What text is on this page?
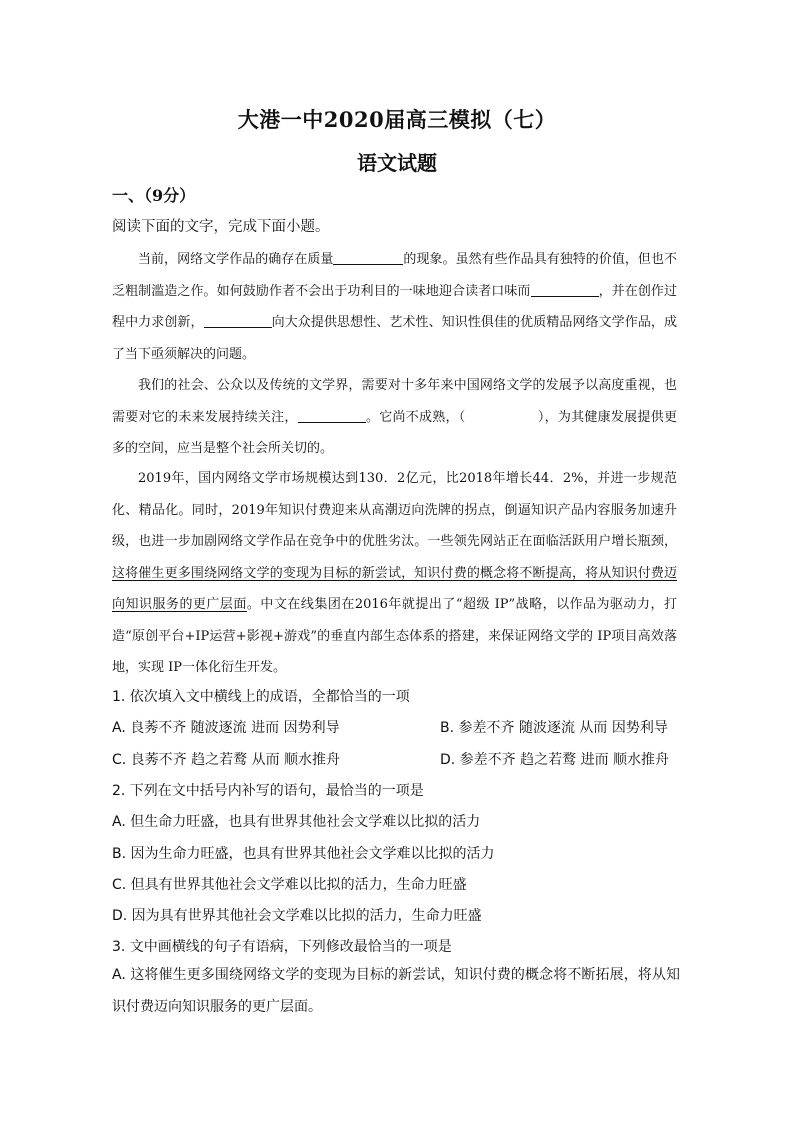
大港一中2020届高三模拟（七）
语文试题
一、（9分）
阅读下面的文字，完成下面小题。
当前，网络文学作品的确存在质量	的现象。虽然有些作品具有独特的价值，但也不乏粗制滥造之作。如何鼓励作者不会出于功利目的一味地迎合读者口味而	，并在创作过程中力求创新，	向大众提供思想性、艺术性、知识性俱佳的优质精品网络文学作品，成了当下亟须解决的问题。
我们的社会、公众以及传统的文学界，需要对十多年来中国网络文学的发展予以高度重视，也需要对它的未来发展持续关注，	。它尚不成熟，（	），为其健康发展提供更多的空间，应当是整个社会所关切的。
2019年，国内网络文学市场规模达到130．2亿元，比2018年增长44．2%，并进一步规范化、精品化。同时，2019年知识付费迎来从高潮迈向洗牌的拐点，倒逼知识产品内容服务加速升级，也进一步加剧网络文学作品在竞争中的优胜劣汰。一些领先网站正在面临活跃用户增长瓶颈，这将催生更多围绕网络文学的变现为目标的新尝试，知识付费的概念将不断提高，将从知识付费迈向知识服务的更广层面。中文在线集团在2016年就提出了“超级 IP”战略，以作品为驱动力，打造“原创平台+IP运营+影视+游戏”的垂直内部生态体系的搭建，来保证网络文学的 IP项目高效落地，实现 IP一体化衍生开发。
1. 依次填入文中横线上的成语，全都恰当的一项
A. 良莠不齐 随波逐流 进而 因势利导	B. 参差不齐 随波逐流 从而 因势利导
C. 良莠不齐 趋之若鹜 从而 顺水推舟	D. 参差不齐 趋之若鹜 进而 顺水推舟
2. 下列在文中括号内补写的语句，最恰当的一项是
A. 但生命力旺盛，也具有世界其他社会文学难以比拟的活力
B. 因为生命力旺盛，也具有世界其他社会文学难以比拟的活力
C. 但具有世界其他社会文学难以比拟的活力，生命力旺盛
D. 因为具有世界其他社会文学难以比拟的活力，生命力旺盛
3. 文中画横线的句子有语病，下列修改最恰当的一项是
A. 这将催生更多围绕网络文学的变现为目标的新尝试，知识付费的概念将不断拓展，将从知识付费迈向知识服务的更广层面。
